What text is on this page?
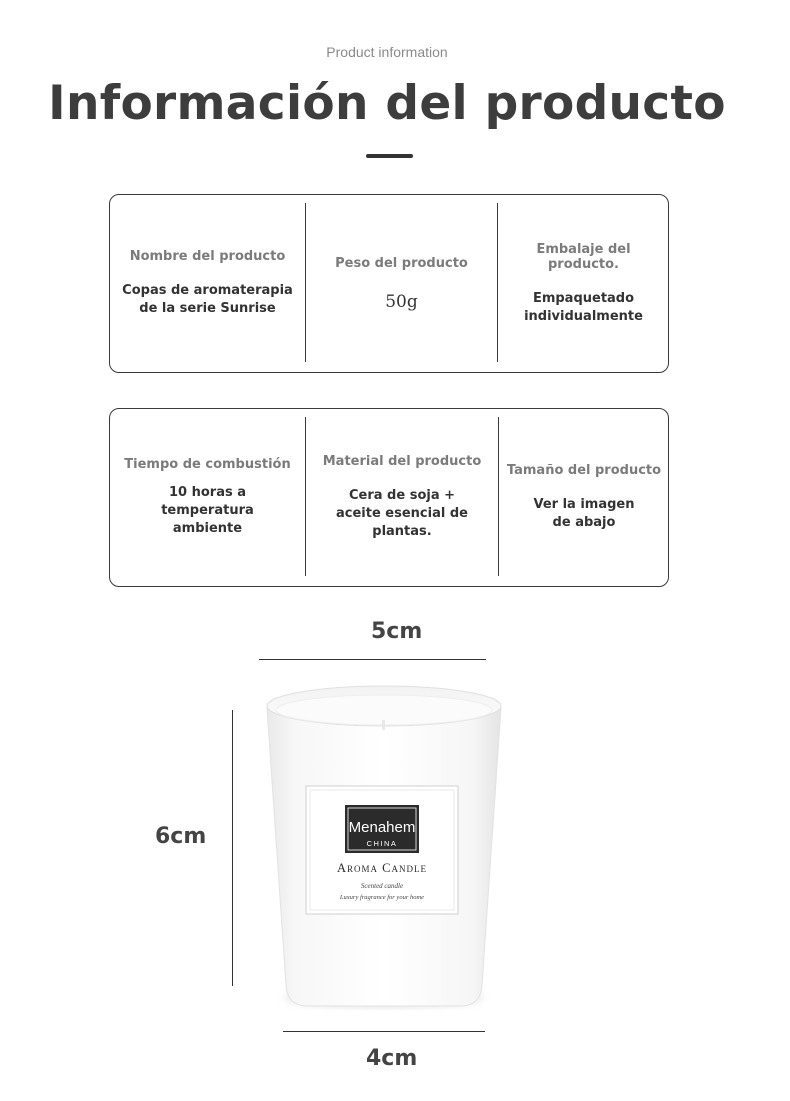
Product information
Información del producto
Nombre del producto
Copas de aromaterapia de la serie Sunrise
Peso del producto
50g
Embalaje del producto.
Empaquetado individualmente
Tiempo de combustión
10 horas a temperatura ambiente
Material del producto
Cera de soja + aceite esencial de plantas.
Tamaño del producto
Ver la imagen de abajo
5cm
6cm
4cm
Menahem
CHINA
Aroma Candle
Scented candle
Luxury fragrance for your home
